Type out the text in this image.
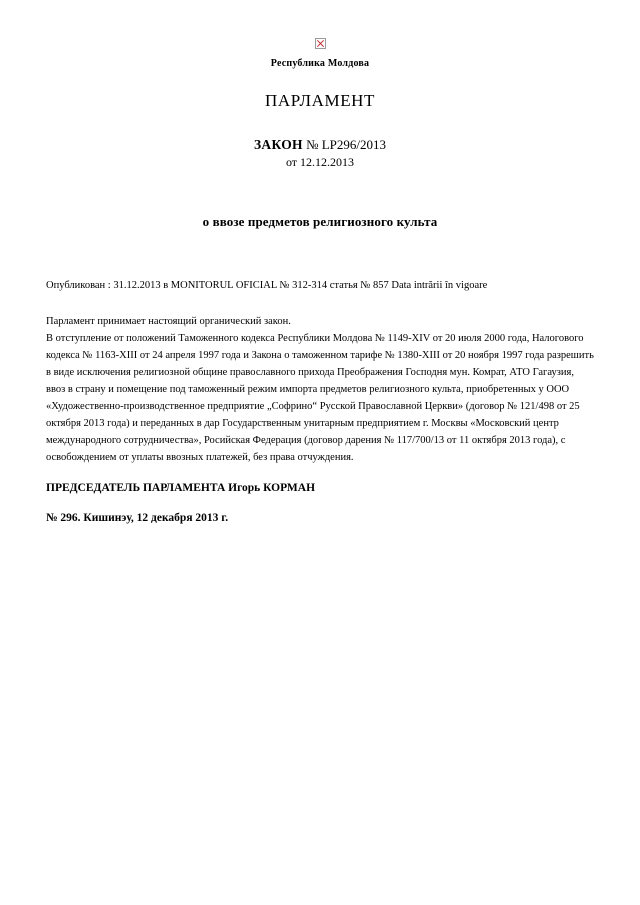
Республика Молдова

ПАРЛАМЕНТ

ЗАКОН № LP296/2013

от 12.12.2013

о ввозе предметов религиозного культа

Опубликован : 31.12.2013 в MONITORUL OFICIAL № 312-314 статья № 857 Data intrării în vigoare

Парламент принимает настоящий органический закон.

В отступление от положений Таможенного кодекса Республики Молдова № 1149-XIV от 20 июля 2000 года, Налогового кодекса № 1163-XIII от 24 апреля 1997 года и Закона о таможенном тарифе № 1380-XIII от 20 ноября 1997 года разрешить в виде исключения религиозной общине православного прихода Преображения Господня мун. Комрат, АТО Гагаузия, ввоз в страну и помещение под таможенный режим импорта предметов религиозного культа, приобретенных у ООО «Художественно-производственное предприятие „Софрино“ Русской Православной Церкви» (договор № 121/498 от 25 октября 2013 года) и переданных в дар Государственным унитарным предприятием г. Москвы «Московский центр международного сотрудничества», Росийская Федерация (договор дарения № 117/700/13 от 11 октября 2013 года), с освобождением от уплаты ввозных платежей, без права отчуждения.

ПРЕДСЕДАТЕЛЬ ПАРЛАМЕНТА Игорь КОРМАН

№ 296. Кишинэу, 12 декабря 2013 г.
